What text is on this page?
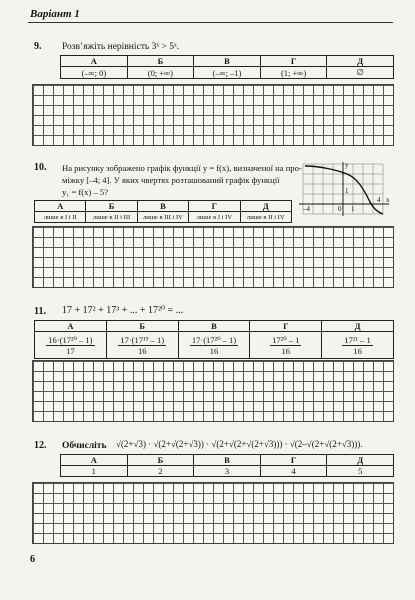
Варіант 1
9. Розв’яжіть нерівність 3ˣ > 5ˣ.
А	Б	В	Г	Д
(–∞; 0)	(0; +∞)	(–∞; –1)	(1; +∞)	∅
10. На рисунку зображено графік функції y = f(x), визначеної на про-
міжку [–4; 4]. У яких чвертях розташований графік функції
y₁ = f(x) – 5?
y
x
0 1
1
–4
4
А	Б	В	Г	Д
лише в І і ІІ	лише в ІІ і ІІІ	лише в ІІІ і ІV	лише в І і ІV	лише в ІІ і ІV
11. 17 + 17² + 17³ + ... + 17²⁰ = ...
А	Б	В	Г	Д

$\frac{\text{16·(17²⁰ – 1)}}{17}$	$\frac{\text{17·(17¹⁹ – 1)}}{16}$	$\frac{\text{17·(17²⁰ – 1)}}{16}$	$\frac{\text{17²⁰ – 1}}{16}$	$\frac{\text{17²¹ – 1}}{16}$
12. Обчисліть √(2+√3) · √(2+√(2+√3)) · √(2+√(2+√(2+√3))) · √(2–√(2+√(2+√3))).
А	Б	В	Г	Д
1	2	3	4	5
6
